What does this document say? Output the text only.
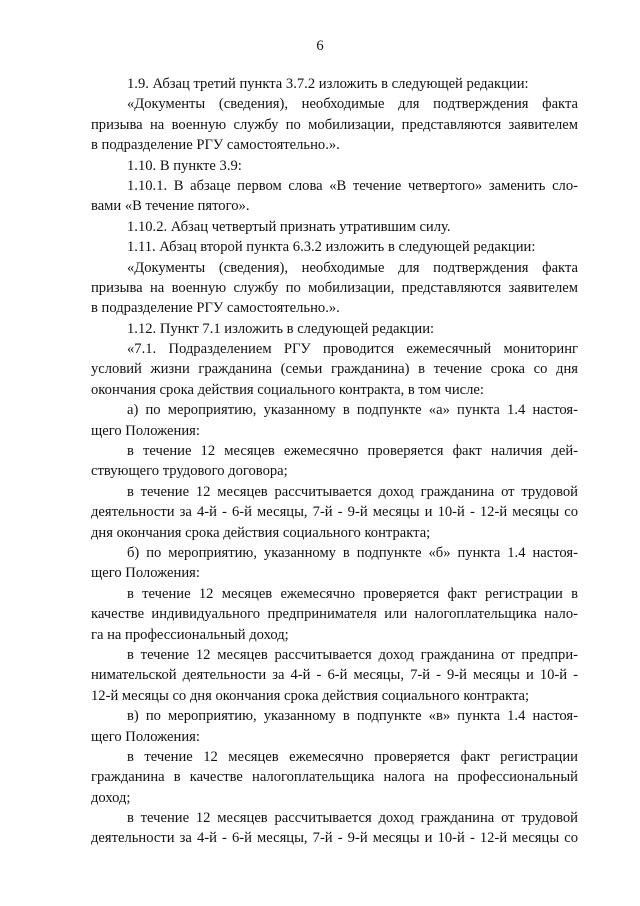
6
1.9. Абзац третий пункта 3.7.2 изложить в следующей редакции:
«Документы (сведения), необходимые для подтверждения факта
призыва на военную службу по мобилизации, представляются заявителем
в подразделение РГУ самостоятельно.».
1.10. В пункте 3.9:
1.10.1. В абзаце первом слова «В течение четвертого» заменить сло-
вами «В течение пятого».
1.10.2. Абзац четвертый признать утратившим силу.
1.11. Абзац второй пункта 6.3.2 изложить в следующей редакции:
«Документы (сведения), необходимые для подтверждения факта
призыва на военную службу по мобилизации, представляются заявителем
в подразделение РГУ самостоятельно.».
1.12. Пункт 7.1 изложить в следующей редакции:
«7.1. Подразделением РГУ проводится ежемесячный мониторинг
условий жизни гражданина (семьи гражданина) в течение срока со дня
окончания срока действия социального контракта, в том числе:
а) по мероприятию, указанному в подпункте «а» пункта 1.4 настоя-
щего Положения:
в течение 12 месяцев ежемесячно проверяется факт наличия дей-
ствующего трудового договора;
в течение 12 месяцев рассчитывается доход гражданина от трудовой
деятельности за 4-й - 6-й месяцы, 7-й - 9-й месяцы и 10-й - 12-й месяцы со
дня окончания срока действия социального контракта;
б) по мероприятию, указанному в подпункте «б» пункта 1.4 настоя-
щего Положения:
в течение 12 месяцев ежемесячно проверяется факт регистрации в
качестве индивидуального предпринимателя или налогоплательщика нало-
га на профессиональный доход;
в течение 12 месяцев рассчитывается доход гражданина от предпри-
нимательской деятельности за 4-й - 6-й месяцы, 7-й - 9-й месяцы и 10-й -
12-й месяцы со дня окончания срока действия социального контракта;
в) по мероприятию, указанному в подпункте «в» пункта 1.4 настоя-
щего Положения:
в течение 12 месяцев ежемесячно проверяется факт регистрации
гражданина в качестве налогоплательщика налога на профессиональный
доход;
в течение 12 месяцев рассчитывается доход гражданина от трудовой
деятельности за 4-й - 6-й месяцы, 7-й - 9-й месяцы и 10-й - 12-й месяцы со
